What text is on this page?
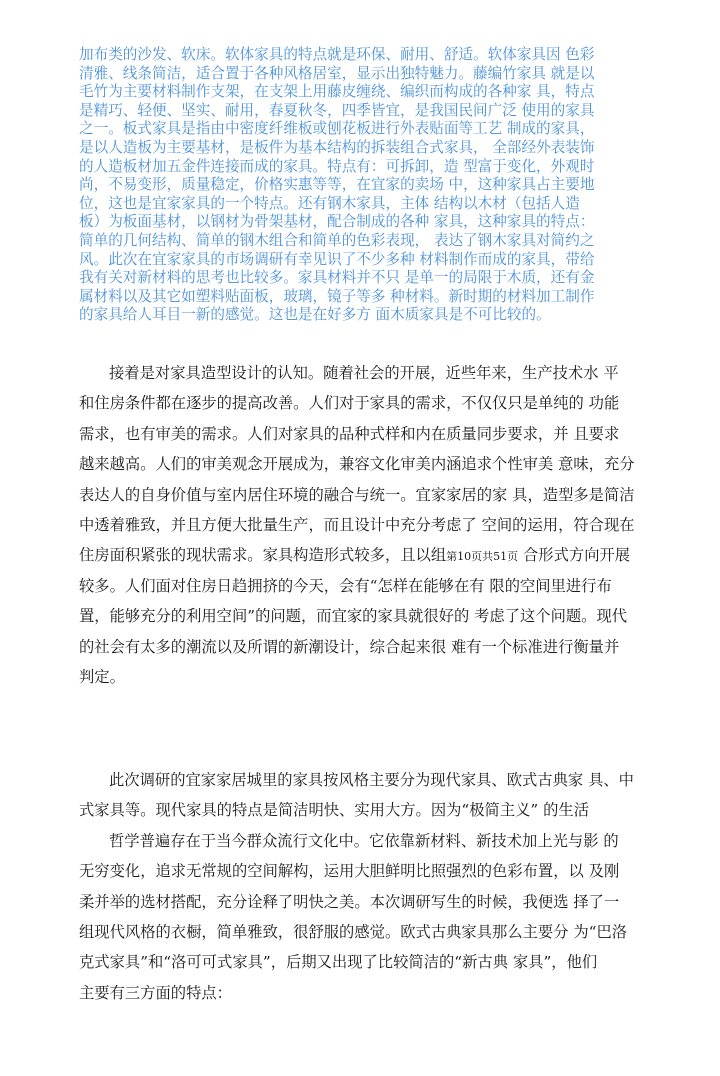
加布类的沙发、软床。软体家具的特点就是环保、耐用、舒适。软体家具因 色彩
清雅、线条简洁，适合置于各种风格居室，显示出独特魅力。藤编竹家具 就是以
毛竹为主要材料制作支架，在支架上用藤皮缠绕、编织而构成的各种家 具，特点
是精巧、轻便、坚实、耐用，春夏秋冬，四季皆宜，是我国民间广泛 使用的家具
之一。板式家具是指由中密度纤维板或刨花板进行外表贴面等工艺 制成的家具，
是以人造板为主要基材，是板件为基本结构的拆装组合式家具， 全部经外表装饰
的人造板材加五金件连接而成的家具。特点有：可拆卸，造 型富于变化，外观时
尚，不易变形，质量稳定，价格实惠等等，在宜家的卖场 中，这种家具占主要地
位，这也是宜家家具的一个特点。还有钢木家具，主体 结构以木材（包括人造
板）为板面基材，以钢材为骨架基材，配合制成的各种 家具，这种家具的特点：
简单的几何结构、简单的钢木组合和简单的色彩表现， 表达了钢木家具对简约之
风。此次在宜家家具的市场调研有幸见识了不少多种 材料制作而成的家具，带给
我有关对新材料的思考也比较多。家具材料并不只 是单一的局限于木质，还有金
属材料以及其它如塑料贴面板，玻璃，镜子等多 种材料。新时期的材料加工制作
的家具给人耳目一新的感觉。这也是在好多方 面木质家具是不可比较的。
接着是对家具造型设计的认知。随着社会的开展，近些年来，生产技术水 平
和住房条件都在逐步的提高改善。人们对于家具的需求，不仅仅只是单纯的 功能
需求，也有审美的需求。人们对家具的品种式样和内在质量同步要求，并 且要求
越来越高。人们的审美观念开展成为，兼容文化审美内涵追求个性审美 意味，充分
表达人的自身价值与室内居住环境的融合与统一。宜家家居的家 具，造型多是简洁
中透着雅致，并且方便大批量生产，而且设计中充分考虑了 空间的运用，符合现在
住房面积紧张的现状需求。家具构造形式较多，且以组第10页共51页 合形式方向开展
较多。人们面对住房日趋拥挤的今天，会有“怎样在能够在有 限的空间里进行布
置，能够充分的利用空间”的问题，而宜家的家具就很好的 考虑了这个问题。现代
的社会有太多的潮流以及所谓的新潮设计，综合起来很 难有一个标准进行衡量并
判定。
此次调研的宜家家居城里的家具按风格主要分为现代家具、欧式古典家 具、中
式家具等。现代家具的特点是简洁明快、实用大方。因为“极简主义” 的生活
哲学普遍存在于当今群众流行文化中。它依靠新材料、新技术加上光与影 的
无穷变化，追求无常规的空间解构，运用大胆鲜明比照强烈的色彩布置，以 及刚
柔并举的选材搭配，充分诠释了明快之美。本次调研写生的时候，我便选 择了一
组现代风格的衣橱，简单雅致，很舒服的感觉。欧式古典家具那么主要分 为“巴洛
克式家具”和“洛可可式家具”，后期又出现了比较简洁的“新古典 家具”，他们
主要有三方面的特点：
